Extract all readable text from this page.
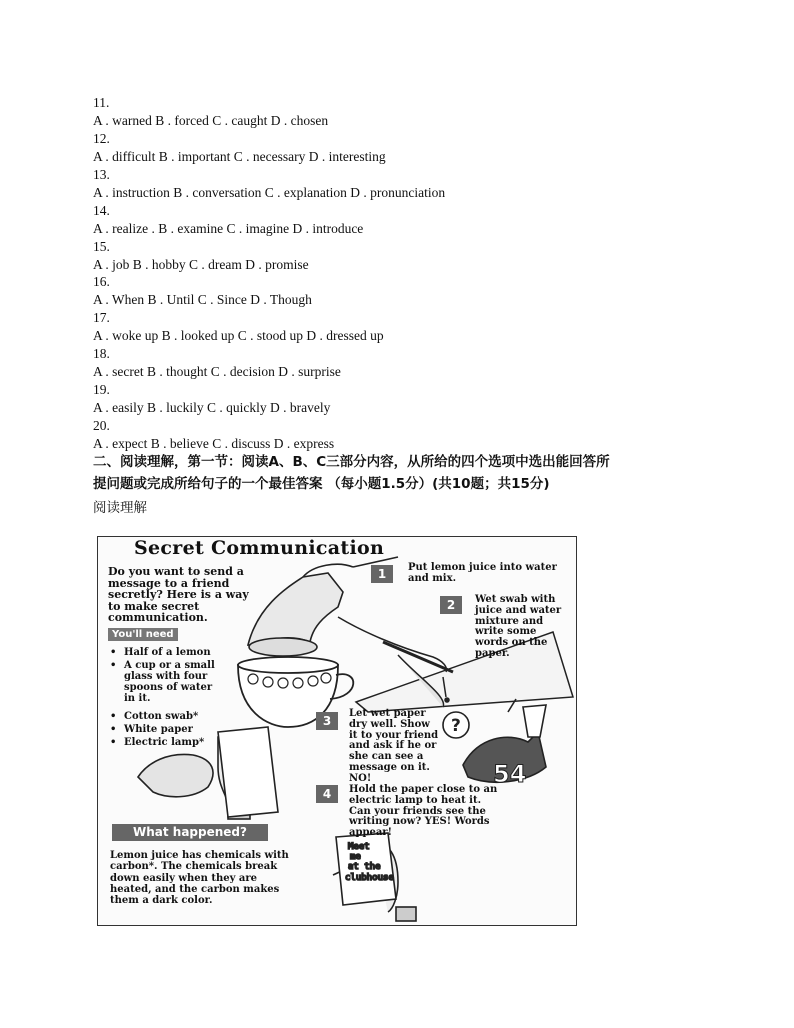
11.
A . warned B . forced C . caught D . chosen
12.
A . difficult B . important C . necessary D . interesting
13.
A . instruction B . conversation C . explanation D . pronunciation
14.
A . realize . B . examine C . imagine D . introduce
15.
A . job B . hobby C . dream D . promise
16.
A . When B . Until C . Since D . Though
17.
A . woke up B . looked up C . stood up D . dressed up
18.
A . secret B . thought C . decision D . surprise
19.
A . easily B . luckily C . quickly D . bravely
20.
A . expect B . believe C . discuss D . express
二、阅读理解，第一节：阅读A、B、C三部分内容，从所给的四个选项中选出能回答所
提问题或完成所给句子的一个最佳答案 （每小题1.5分）(共10题；共15分)
阅读理解
?
54
Meet
me
at the
clubhouse
Secret Communication
Do you want to send a message to a friend secretly? Here is a way to make secret communication.
You'll need
• Half of a lemon
• A cup or a small glass with four spoons of water in it.
• Cotton swab*
• White paper
• Electric lamp*
1	Put lemon juice into water and mix.
2	Wet swab with juice and water mixture and write some words on the paper.
3
Let wet paper dry well. Show it to your friend and ask if he or she can see a message on it. NO!
4	Hold the paper close to an electric lamp to heat it. Can your friends see the writing now? YES! Words appear!
What happened?
Lemon juice has chemicals with carbon*. The chemicals break down easily when they are heated, and the carbon makes them a dark color.
